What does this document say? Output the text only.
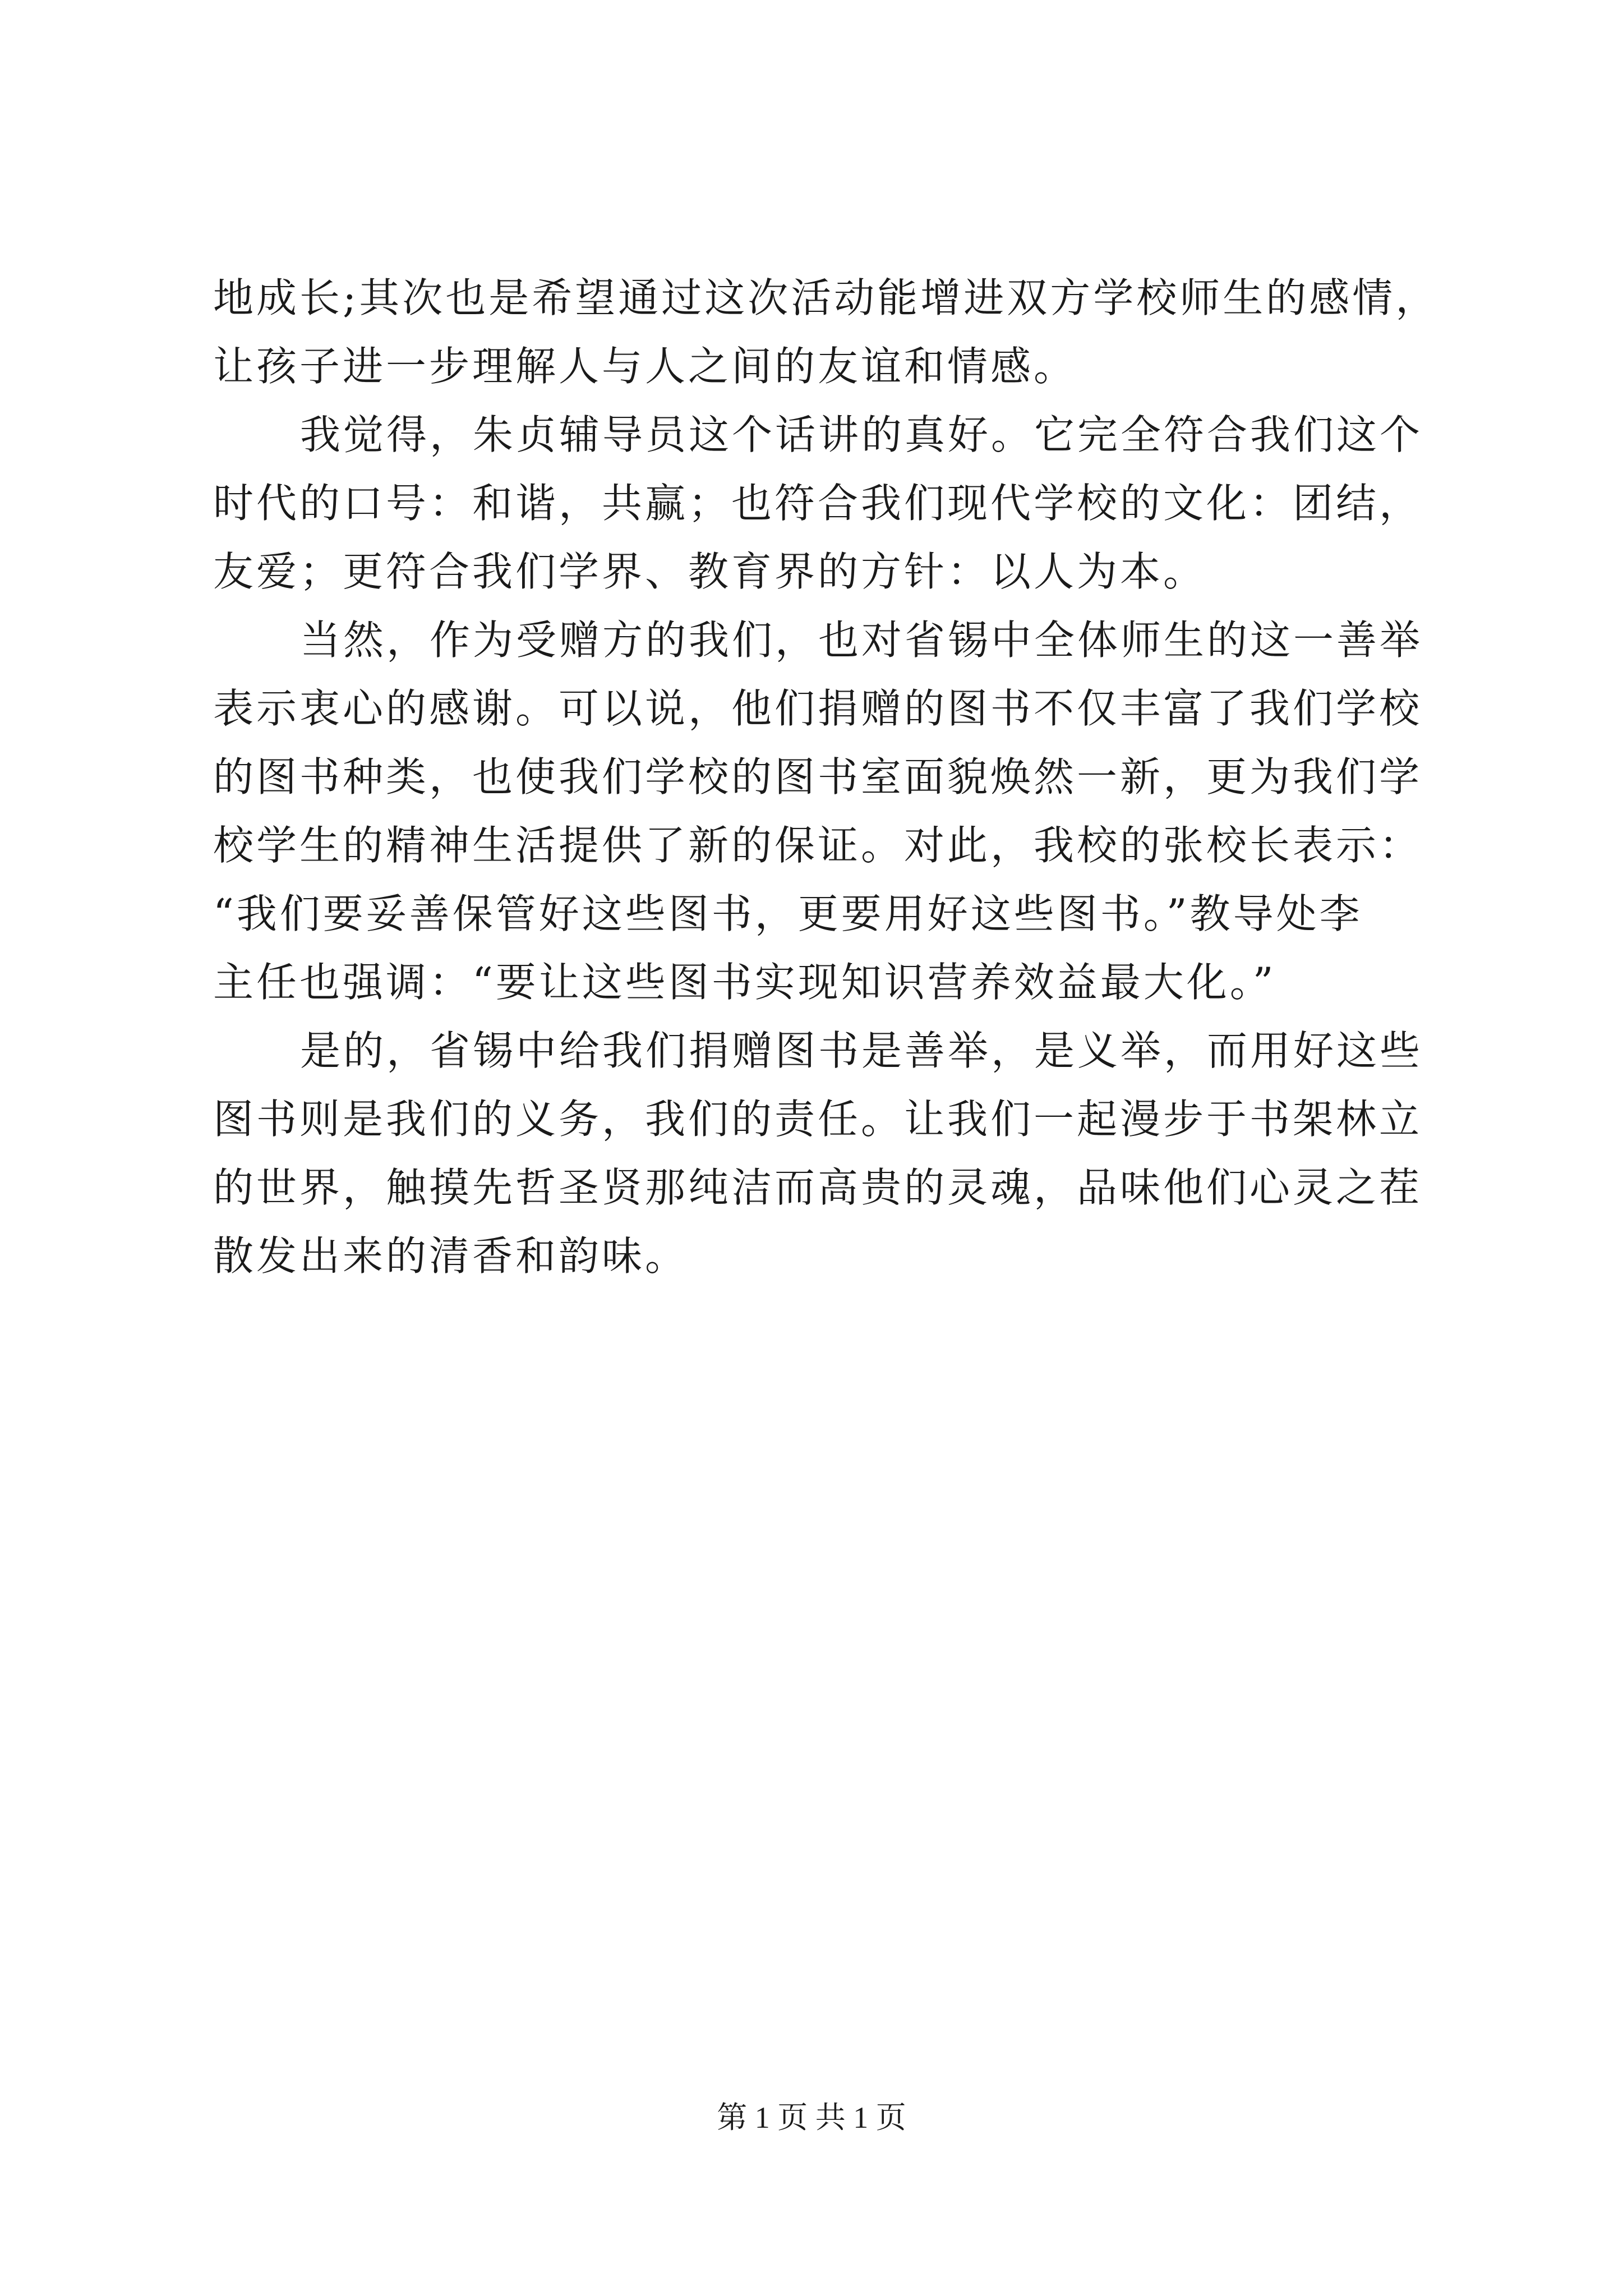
地成长;其次也是希望通过这次活动能增进双方学校师生的感情，
让孩子进一步理解人与人之间的友谊和情感。
我觉得，朱贞辅导员这个话讲的真好。它完全符合我们这个
时代的口号：和谐，共赢；也符合我们现代学校的文化：团结，
友爱；更符合我们学界、教育界的方针：以人为本。
当然，作为受赠方的我们，也对省锡中全体师生的这一善举
表示衷心的感谢。可以说，他们捐赠的图书不仅丰富了我们学校
的图书种类，也使我们学校的图书室面貌焕然一新，更为我们学
校学生的精神生活提供了新的保证。对此，我校的张校长表示：
“我们要妥善保管好这些图书，更要用好这些图书。”教导处李
主任也强调：“要让这些图书实现知识营养效益最大化。”
是的，省锡中给我们捐赠图书是善举，是义举，而用好这些
图书则是我们的义务，我们的责任。让我们一起漫步于书架林立
的世界，触摸先哲圣贤那纯洁而高贵的灵魂，品味他们心灵之茬
散发出来的清香和韵味。
第 1 页 共 1 页
